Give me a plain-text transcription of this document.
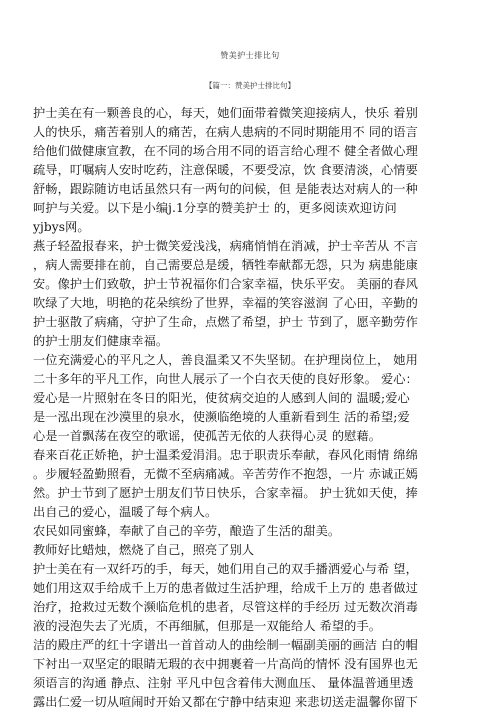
赞美护士排比句
【篇一：赞美护士排比句】
护士美在有一颗善良的心，每天，她们面带着微笑迎接病人，快乐 着别
人的快乐，痛苦着别人的痛苦，在病人患病的不同时期能用不 同的语言
给他们做健康宣教，在不同的场合用不同的语言给心理不 健全者做心理
疏导，叮嘱病人安时吃药，注意保暖，不要受凉，饮 食要清淡，心情要
舒畅，跟踪随访电话虽然只有一两句的问候，但 是能表达对病人的一种
呵护与关爱。以下是小编j.1分享的赞美护士 的，更多阅读欢迎访问
yjbys网。
燕子轻盈报春来，护士微笑爱浅浅，病痛悄悄在消减，护士辛苦从 不言
，病人需要排在前，自己需要总是缓，牺牲奉献都无怨，只为 病患能康
安。像护士们致敬，护士节祝福你们合家幸福，快乐平安。 美丽的春风
吹绿了大地，明艳的花朵缤纷了世界，幸福的笑容滋润 了心田，辛勤的
护士驱散了病痛，守护了生命，点燃了希望，护士 节到了，愿辛勤劳作
的护士朋友们健康幸福。
一位充满爱心的平凡之人，善良温柔又不失坚韧。在护理岗位上， 她用
二十多年的平凡工作，向世人展示了一个白衣天使的良好形象。 爱心：
爱心是一片照射在冬日的阳光，使贫病交迫的人感到人间的 温暖;爱心
是一泓出现在沙漠里的泉水，使濒临绝境的人重新看到生 活的希望;爱
心是一首飘荡在夜空的歌谣，使孤苦无依的人获得心灵 的慰藉。
春来百花正娇艳，护士温柔爱涓涓。忠于职责乐奉献，春风化雨情 绵绵
。步履轻盈勤照看，无微不至病痛减。辛苦劳作不抱怨，一片 赤诚正嫣
然。护士节到了愿护士朋友们节日快乐，合家幸福。 护士犹如天使，捧
出自己的爱心，温暖了每个病人。
农民如同蜜蜂，奉献了自己的辛劳，酿造了生活的甜美。
教师好比蜡烛，燃烧了自己，照亮了别人
护士美在有一双纤巧的手，每天，她们用自己的双手播洒爱心与希 望，
她们用这双手给成千上万的患者做过生活护理，给成千上万的 患者做过
治疗，抢救过无数个濒临危机的患者，尽管这样的手经历 过无数次消毒
液的浸泡失去了光质，不再细腻，但那是一双能给人 希望的手。
洁的殿庄严的红十字谱出一首首动人的曲绘制一幅副美丽的画洁 白的帽
下衬出一双坚定的眼睛无瑕的衣中拥裹着一片高尚的情怀 没有国界也无
须语言的沟通 静点、注射 平凡中包含着伟大测血压、 量体温普通里透
露出仁爱一切从喧闹时开始又都在宁静中结束迎 来悲切送走温馨你留下
